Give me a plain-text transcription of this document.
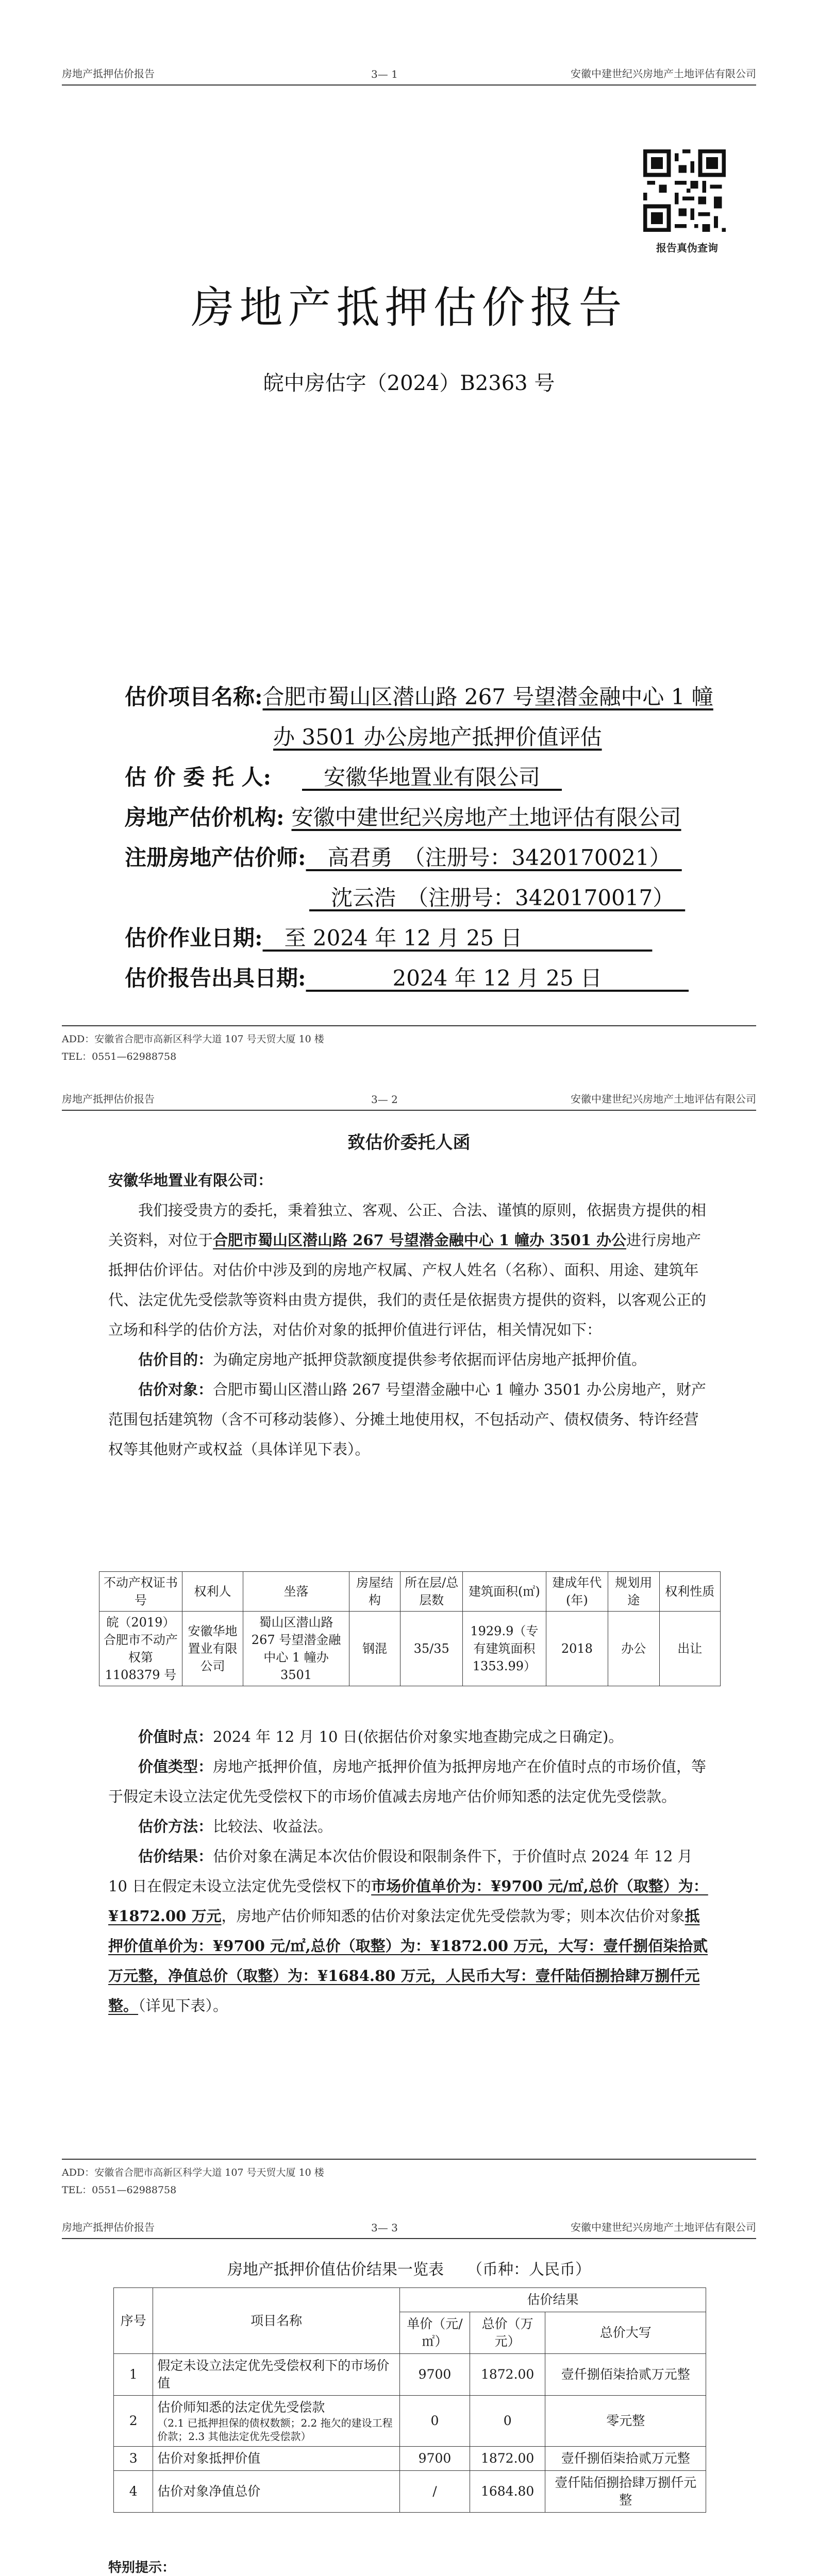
房地产抵押估价报告	3— 1	安徽中建世纪兴房地产土地评估有限公司
报告真伪查询
房地产抵押估价报告
皖中房估字（2024）B2363 号
估价项目名称:合肥市蜀山区潜山路 267 号望潜金融中心 1 幢
办 3501 办公房地产抵押价值评估
估 价 委 托 人:　安徽华地置业有限公司　
房地产估价机构: 安徽中建世纪兴房地产土地评估有限公司
注册房地产估价师:　高君勇　（注册号：3420170021）　
　沈云浩　（注册号：3420170017）　
估价作业日期:　至 2024 年 12 月 25 日　　　　　　
估价报告出具日期:　　　　2024 年 12 月 25 日　　　　
ADD：安徽省合肥市高新区科学大道 107 号天贸大厦 10 楼
TEL：0551—62988758
房地产抵押估价报告	3— 2	安徽中建世纪兴房地产土地评估有限公司
致估价委托人函
安徽华地置业有限公司：

我们接受贵方的委托，秉着独立、客观、公正、合法、谨慎的原则，依据贵方提供的相关资料，对位于合肥市蜀山区潜山路 267 号望潜金融中心 1 幢办 3501 办公进行房地产抵押估价评估。对估价中涉及到的房地产权属、产权人姓名（名称）、面积、用途、建筑年代、法定优先受偿款等资料由贵方提供，我们的责任是依据贵方提供的资料，以客观公正的立场和科学的估价方法，对估价对象的抵押价值进行评估，相关情况如下：

估价目的：为确定房地产抵押贷款额度提供参考依据而评估房地产抵押价值。

估价对象：合肥市蜀山区潜山路 267 号望潜金融中心 1 幢办 3501 办公房地产，财产范围包括建筑物（含不可移动装修）、分摊土地使用权，不包括动产、债权债务、特许经营权等其他财产或权益（具体详见下表）。

不动产权证书号	权利人	坐落	房屋结构	所在层/总层数	建筑面积(㎡)	建成年代(年)	规划用途	权利性质
皖（2019）合肥市不动产权第 1108379 号	安徽华地置业有限公司	蜀山区潜山路 267 号望潜金融中心 1 幢办 3501	钢混	35/35	1929.9（专有建筑面积 1353.99）	2018	办公	出让

价值时点：2024 年 12 月 10 日(依据估价对象实地查勘完成之日确定)。

价值类型：房地产抵押价值，房地产抵押价值为抵押房地产在价值时点的市场价值，等于假定未设立法定优先受偿权下的市场价值减去房地产估价师知悉的法定优先受偿款。

估价方法：比较法、收益法。

估价结果：估价对象在满足本次估价假设和限制条件下，于价值时点 2024 年 12 月 10 日在假定未设立法定优先受偿权下的市场价值单价为：¥9700 元/㎡,总价（取整）为：¥1872.00 万元，房地产估价师知悉的估价对象法定优先受偿款为零；则本次估价对象抵押价值单价为：¥9700 元/㎡,总价（取整）为：¥1872.00 万元，大写：壹仟捌佰柒拾贰万元整，净值总价（取整）为：¥1684.80 万元，人民币大写：壹仟陆佰捌拾肆万捌仟元整。（详见下表）。

ADD：安徽省合肥市高新区科学大道 107 号天贸大厦 10 楼
TEL：0551—62988758
房地产抵押估价报告	3— 3	安徽中建世纪兴房地产土地评估有限公司
房地产抵押价值估价结果一览表　　 （币种：人民币）
序号	项目名称	估价结果		
		单价（元/㎡）	总价（万元）	总价大写
1	假定未设立法定优先受偿权利下的市场价值	9700	1872.00	壹仟捌佰柒拾贰万元整
2	估价师知悉的法定优先受偿款
（2.1 已抵押担保的债权数额；2.2 拖欠的建设工程价款；2.3 其他法定优先受偿款）	0	0	零元整
3	估价对象抵押价值	9700	1872.00	壹仟捌佰柒拾贰万元整
4	估价对象净值总价	/	1684.80	壹仟陆佰捌拾肆万捌仟元整
特别提示：
